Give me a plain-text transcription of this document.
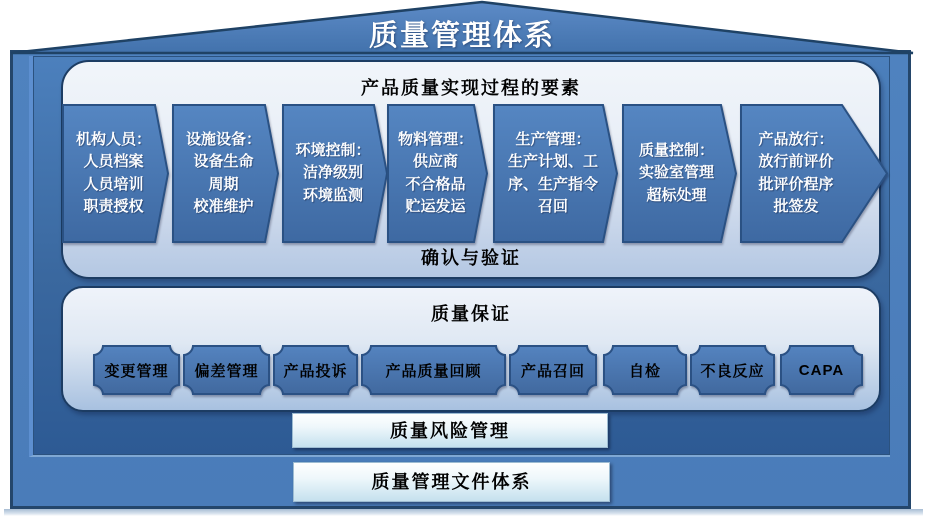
质量管理体系
产品质量实现过程的要素
确认与验证
机构人员：
人员档案
人员培训
职责授权
设施设备：
设备生命
周期
校准维护
环境控制：
洁净级别
环境监测
物料管理：
供应商
不合格品
贮运发运
生产管理：
生产计划、工
序、生产指令
召回
质量控制：
实验室管理
超标处理
产品放行：
放行前评价
批评价程序
批签发
质量保证
变更管理	偏差管理	产品投诉	产品质量回顾	产品召回	自检	不良反应	CAPA
质量风险管理
质量管理文件体系
